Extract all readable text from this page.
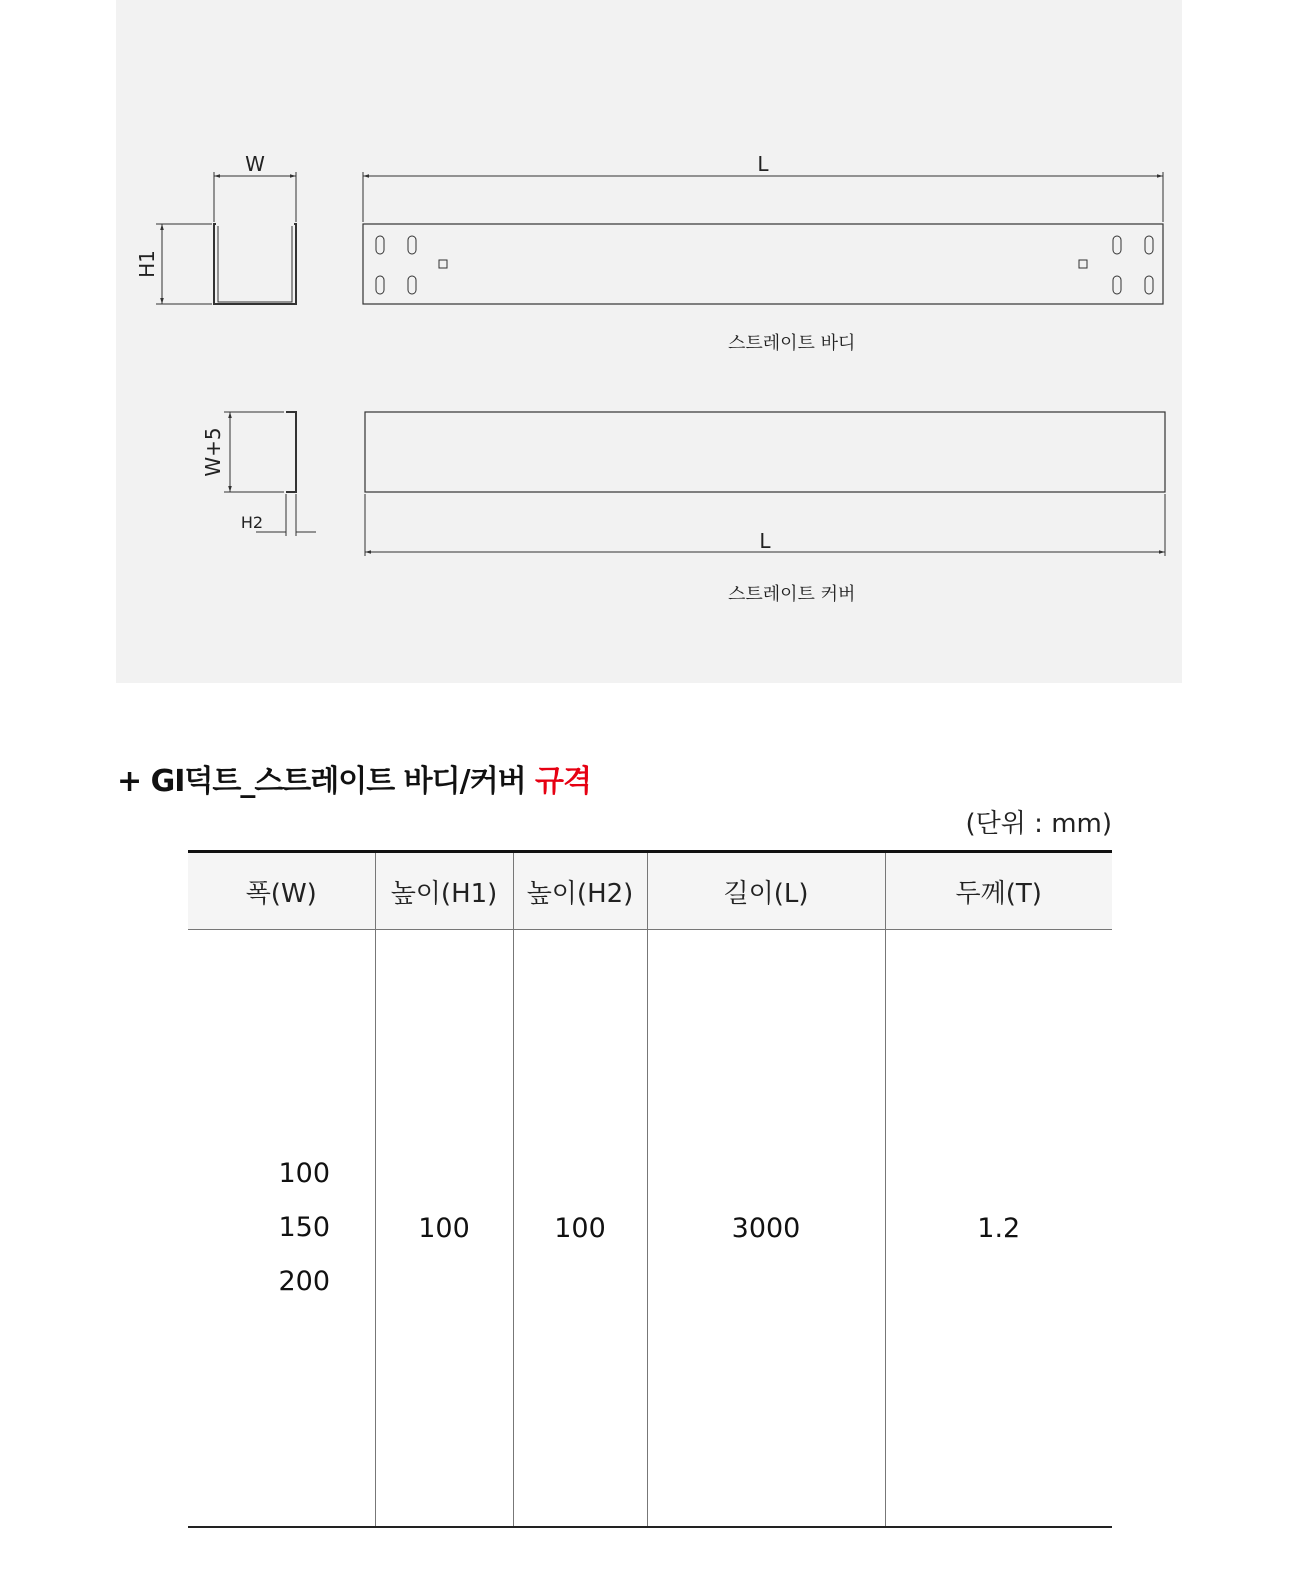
W
H1
L
W+5
H2
L
스트레이트 바디
스트레이트 커버
+ GI덕트_스트레이트 바디/커버 규격
(단위 : mm)
폭(W)	높이(H1)	높이(H2)	길이(L)	두께(T)

100
150
200	100	100	3000	1.2
